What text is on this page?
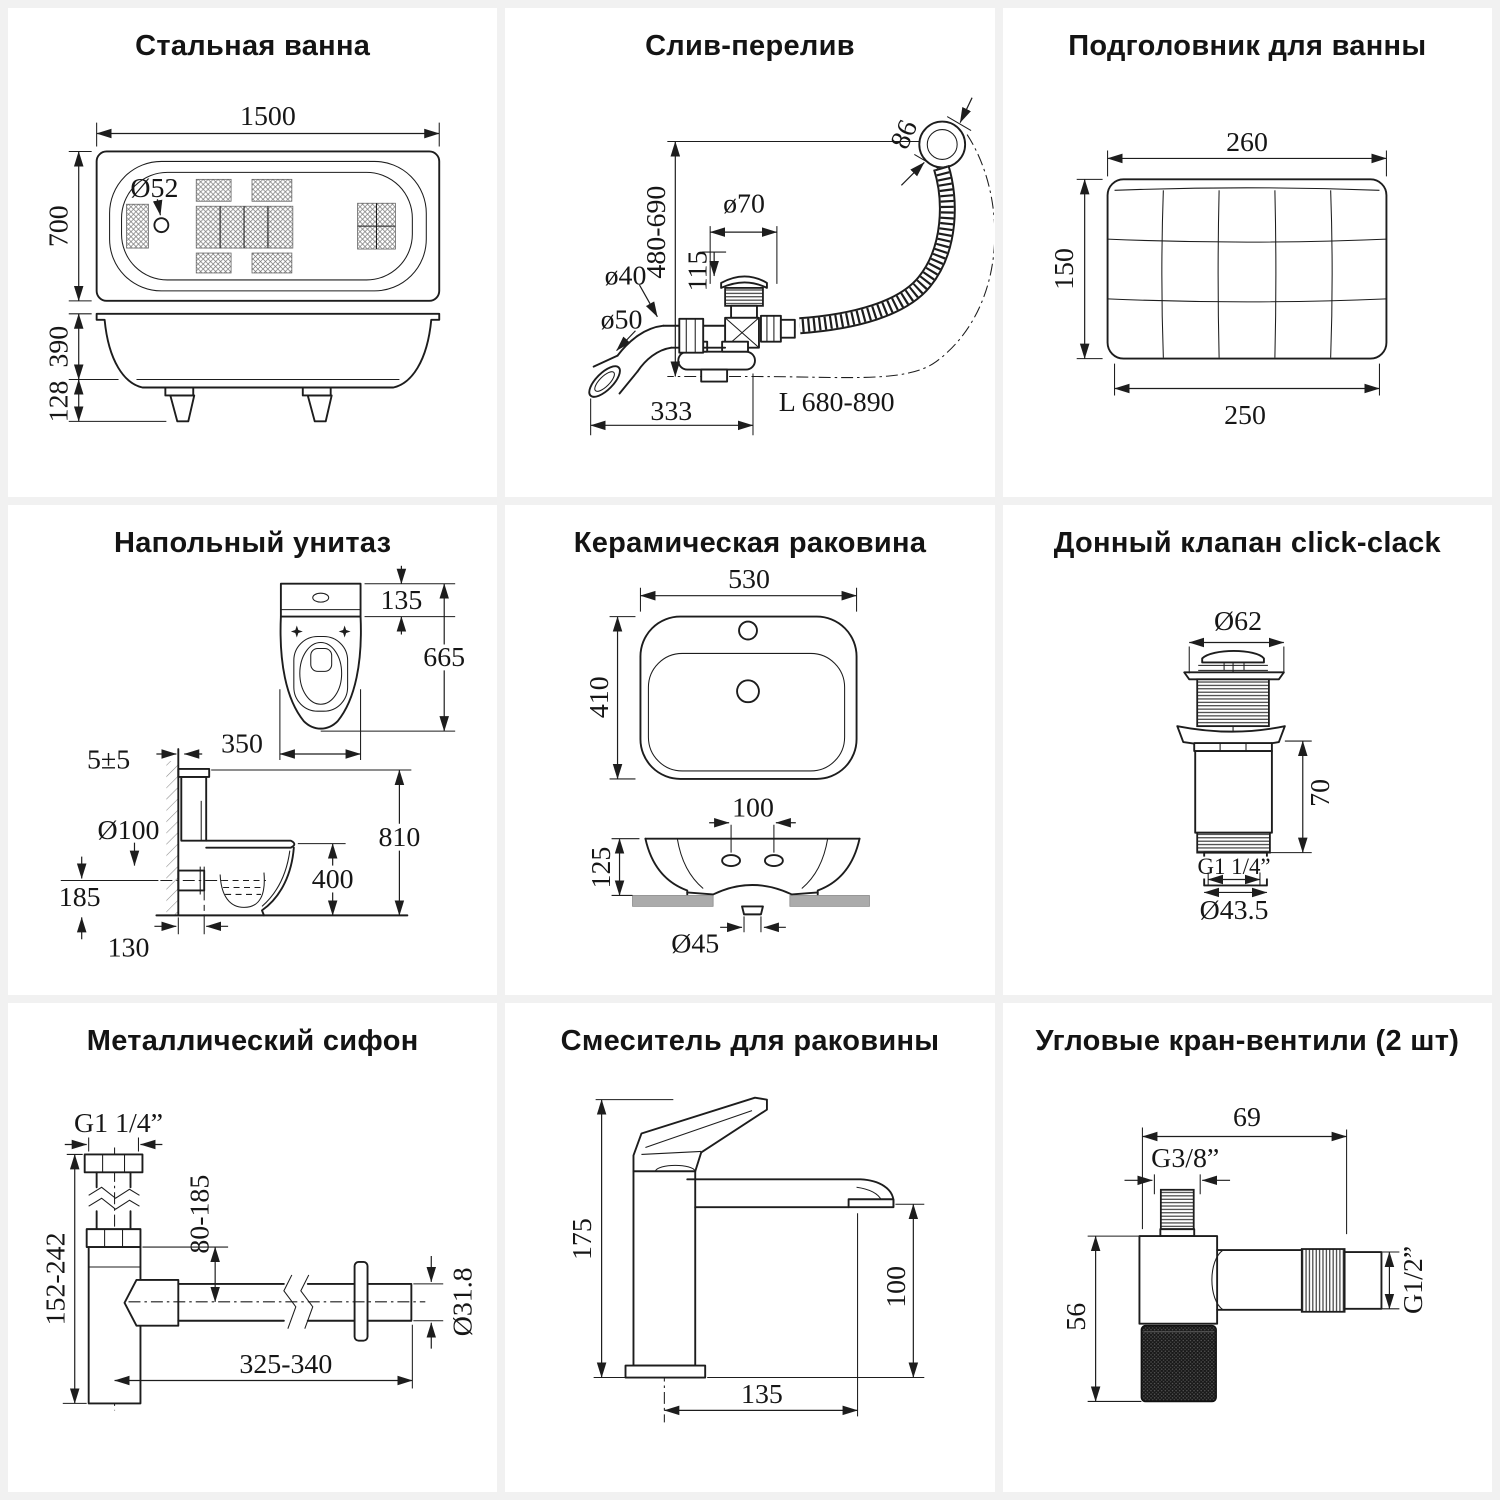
Стальная ванна
1500
700
Ø52
390
128
Слив-перелив
480-690
86
ø70
115
ø40
ø50
333	L 680-890
Подголовник для ванны
260
150
250
Напольный унитаз
135
665
350
5±5
Ø100
185
130
810
400
Керамическая раковина
530
410
100
125
Ø45
Донный клапан click-clack
Ø62
70
G1 1/4”
Ø43.5
Металлический сифон
G1 1/4”
152-242
80-185
325-340
Ø31.8
Смеситель для раковины
175
100
135
Угловые кран-вентили (2 шт)
69
G3/8”
56
G1/2”
